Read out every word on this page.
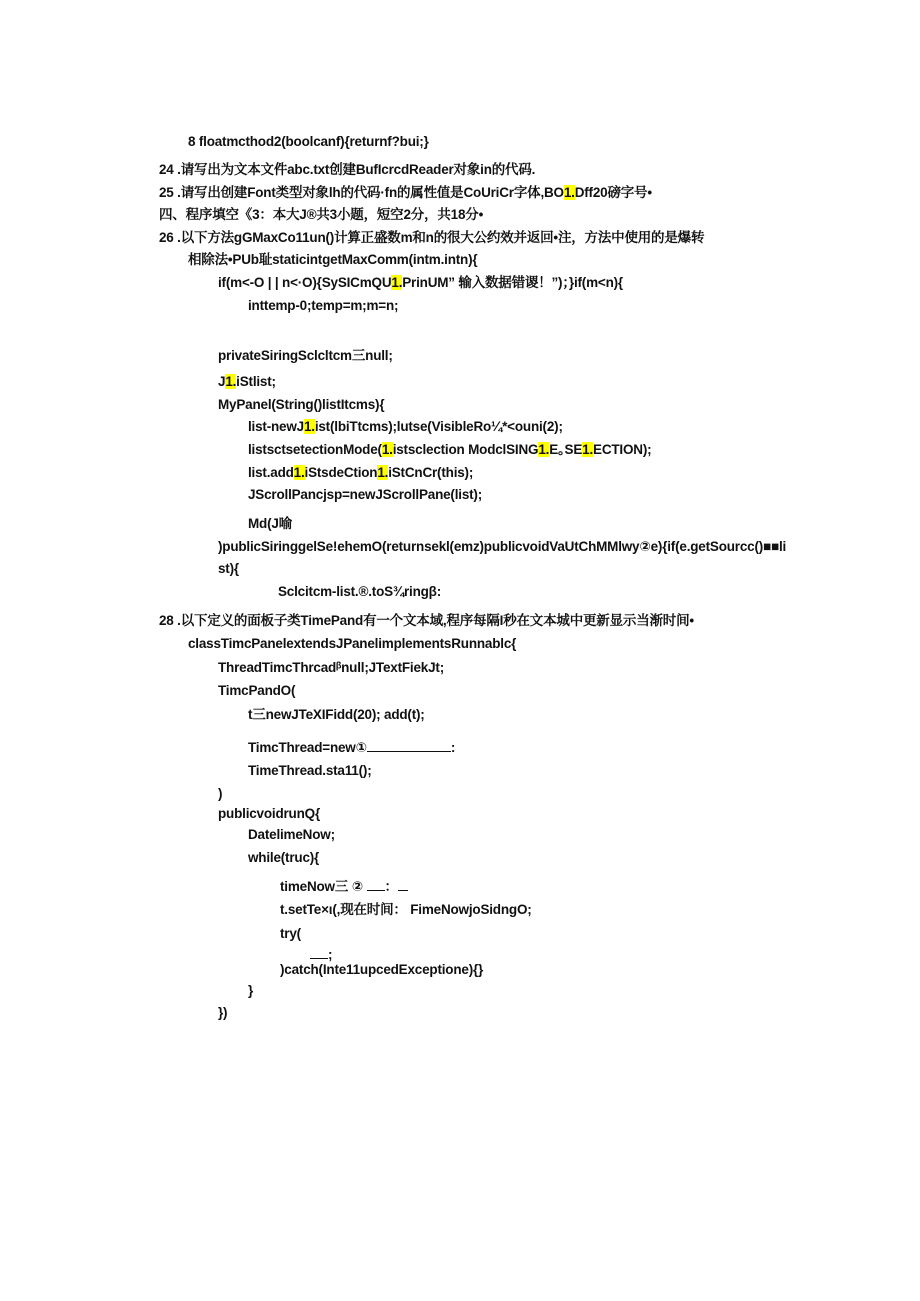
8 floatmcthod2(boolcanf){returnf?bui;}
24 .请写出为文本文件abc.txt创建BufIcrcdReader对象in的代码.
25 .请写出创建Font类型对象lh的代码·fn的属性值是CoUriCr字体,BO1.Dff20磅字号•
四、程序填空《3：本大J®共3小题，短空2分，共18分•
26 .以下方法gGMaxCo11un()计算正盛数m和n的很大公约效并返回•注，方法中使用的是爆转
相除法•PUb耻staticintgetMaxComm(intm.intn){
if(m<-O | | n<·O){SySICmQU1.PrinUM” 输入数据错谡！”)；}if(m<n){
inttemp-0;temp=m;m=n;
privateSiringSclcltcm三null;
J1.iStlist;
MyPanel(String()listItcms){
list-newJ1.ist(lbiTtcms);lutse(VisibleRo¼*<ouni(2);
listsctsetectionMode(1.istsclection ModclSING1.E｡SE1.ECTION);
list.add1.iStsdeCtion1.iStCnCr(this);
JScrollPancjsp=newJScrollPane(list);
Md(J喻
)publicSiringgelSe!ehemO(returnsekl(emz)publicvoidVaUtChMMlwy②e){if(e.getSourcc()■■li
st){
Sclcitcm-list.®.toS¾ringβ:
28 .以下定义的面板子类TimePand有一个文本域,程序每隔I秒在文本城中更新显示当渐时间•
classTimcPanelextendsJPanelimplementsRunnablc{
ThreadTimcThrcadᵝnull;JTextFiekJt;
TimcPandO(
t三newJTeXIFidd(20); add(t);
TimcThread=new①	:
TimeThread.sta11();
)
publicvoidrunQ{
DatelimeNow;
while(truc){
timeNow三 ② ：
t.setTe×ι(,现在时间： FimeNowjoSidngO;
try(
;
)catch(Inte11upcedExceptione){}
}
})
